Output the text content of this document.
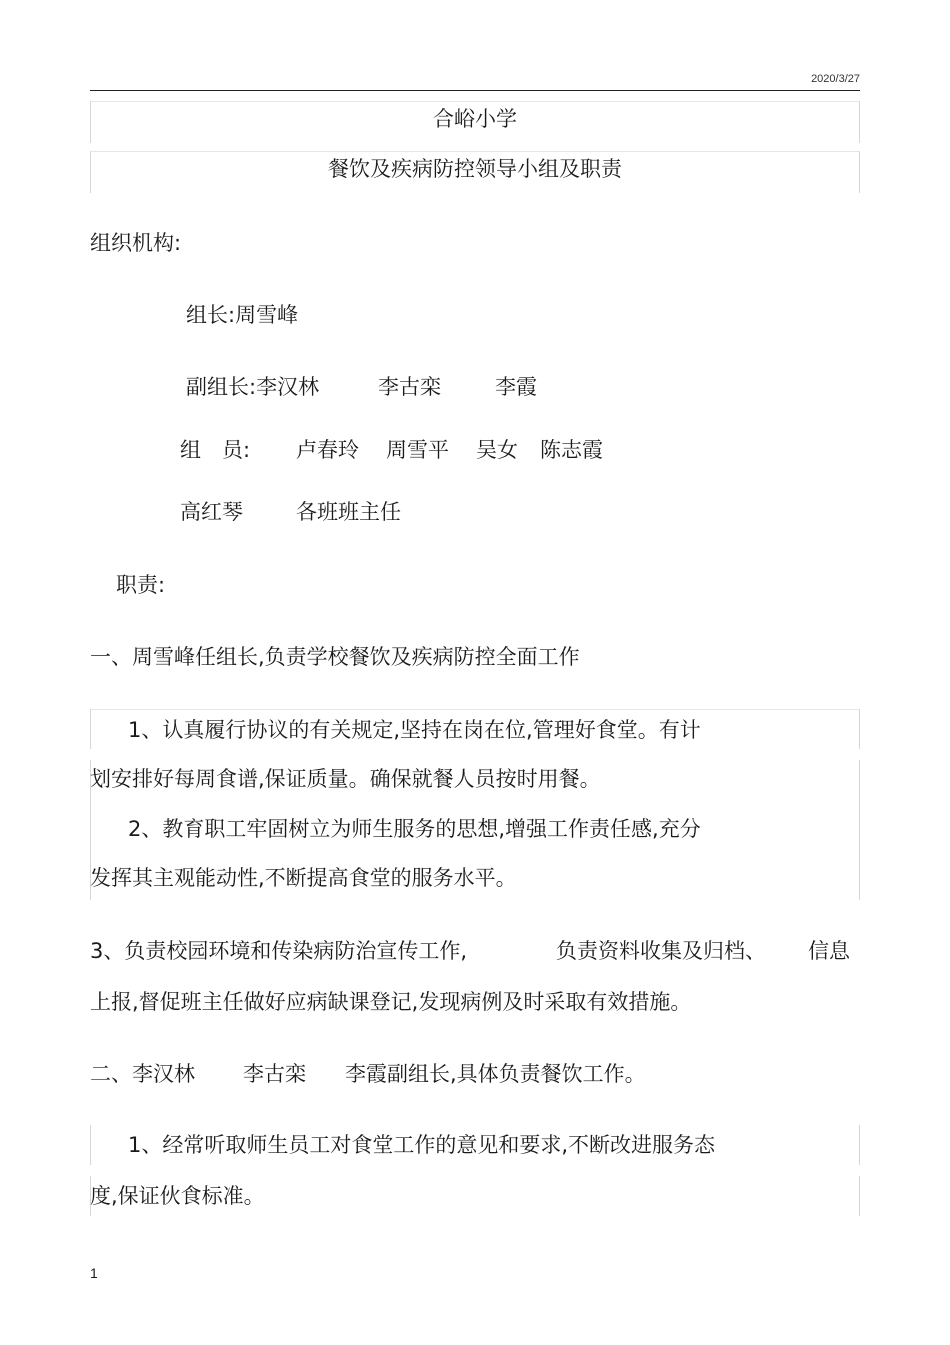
2020/3/27
合峪小学
餐饮及疾病防控领导小组及职责
组织机构:
组长:周雪峰
副组长:李汉林	李古栾	李霞
组　员: 卢春玲 周雪平 吴女 陈志霞
高红琴	各班班主任
职责:
一、周雪峰任组长,负责学校餐饮及疾病防控全面工作
1、认真履行协议的有关规定,坚持在岗在位,管理好食堂。有计
划安排好每周食谱,保证质量。确保就餐人员按时用餐。
2、教育职工牢固树立为师生服务的思想,增强工作责任感,充分
发挥其主观能动性,不断提高食堂的服务水平。
3、负责校园环境和传染病防治宣传工作,	负责资料收集及归档、 信息
上报,督促班主任做好应病缺课登记,发现病例及时采取有效措施。
二、李汉林 李古栾 李霞副组长,具体负责餐饮工作。
1、经常听取师生员工对食堂工作的意见和要求,不断改进服务态
度,保证伙食标准。
1
